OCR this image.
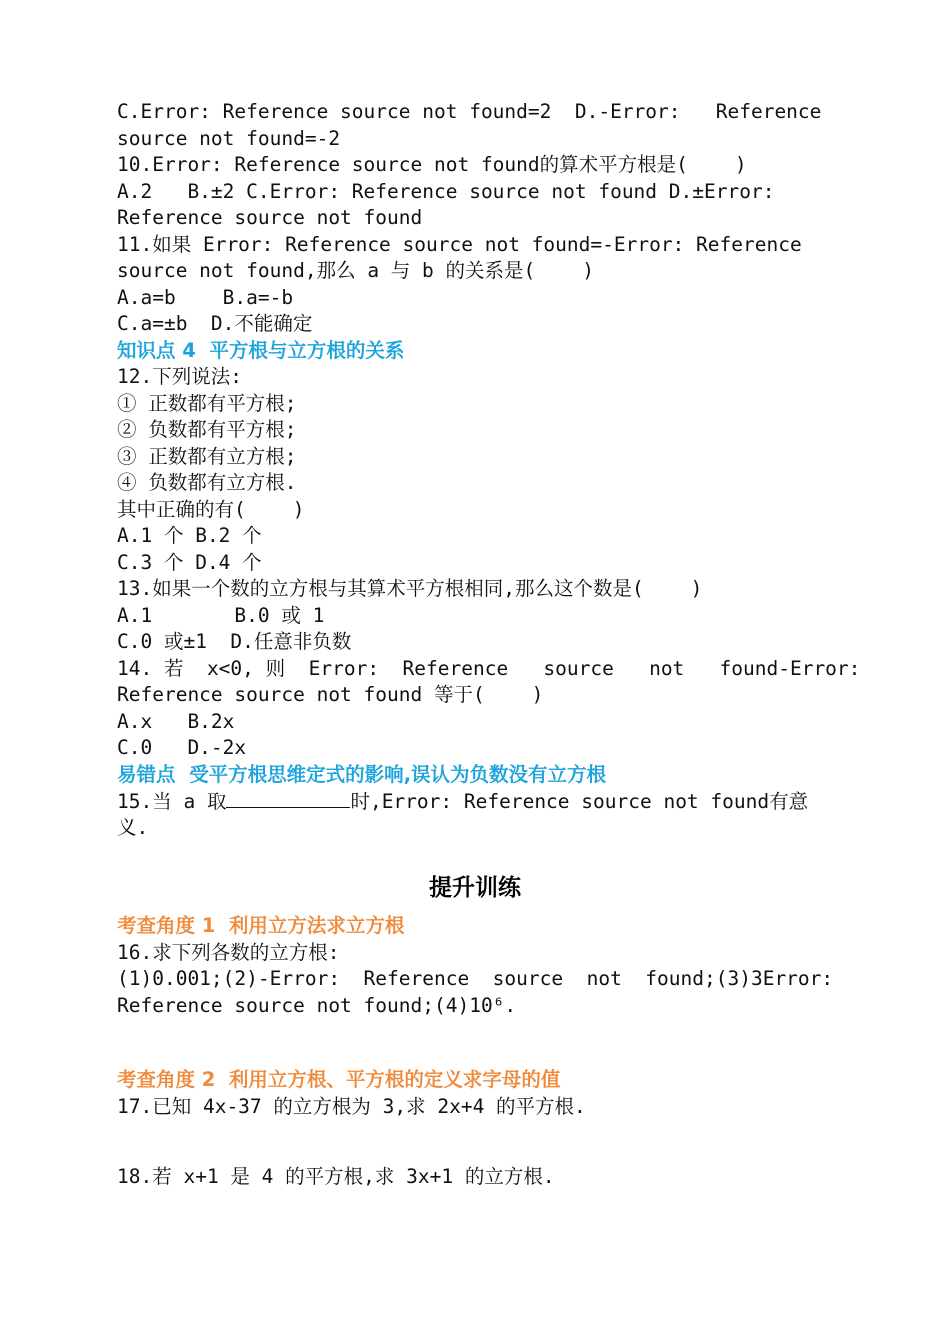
C.Error: Reference source not found=2  D.-Error:   Reference
source not found=-2
10.Error: Reference source not found的算术平方根是(    )
A.2   B.±2 C.Error: Reference source not found D.±Error:
Reference source not found
11.如果 Error: Reference source not found=-Error: Reference
source not found,那么 a 与 b 的关系是(    )
A.a=b    B.a=-b
C.a=±b  D.不能确定
知识点 4  平方根与立方根的关系
12.下列说法:
① 正数都有平方根;
② 负数都有平方根;
③ 正数都有立方根;
④ 负数都有立方根.
其中正确的有(    )
A.1 个 B.2 个
C.3 个 D.4 个
13.如果一个数的立方根与其算术平方根相同,那么这个数是(    )
A.1       B.0 或 1
C.0 或±1  D.任意非负数
14. 若  x<0, 则  Error:  Reference   source   not   found-Error:
Reference source not found 等于(    )
A.x   B.2x
C.0   D.-2x
易错点  受平方根思维定式的影响,误认为负数没有立方根
15.当 a 取	时,Error: Reference source not found有意
义.
提升训练
考查角度 1  利用立方法求立方根
16.求下列各数的立方根:
(1)0.001;(2)-Error:  Reference  source  not  found;(3)3Error:
Reference source not found;(4)10⁶.
考查角度 2  利用立方根、平方根的定义求字母的值
17.已知 4x-37 的立方根为 3,求 2x+4 的平方根.
18.若 x+1 是 4 的平方根,求 3x+1 的立方根.
